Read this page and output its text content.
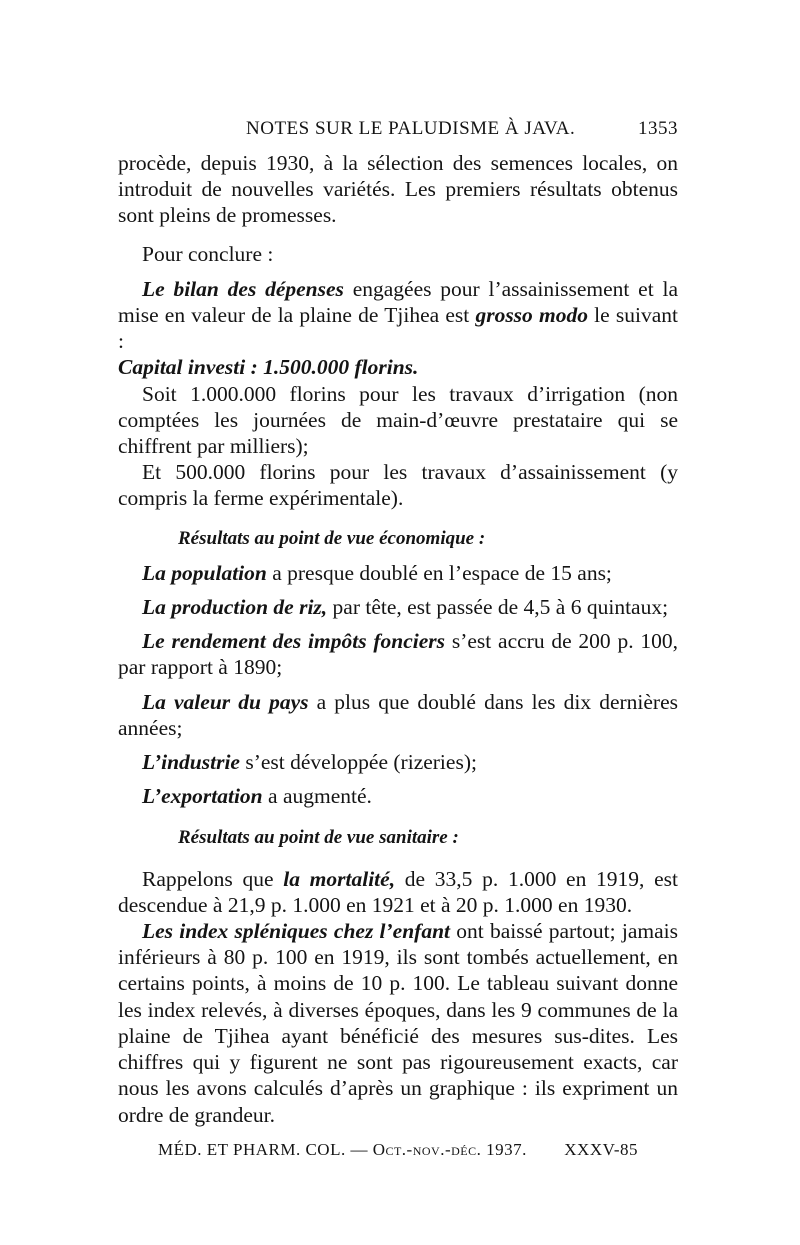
NOTES SUR LE PALUDISME À JAVA.	1353

procède, depuis 1930, à la sélection des semences locales, on introduit de nouvelles variétés. Les premiers résultats obtenus sont pleins de promesses.

Pour conclure :

Le bilan des dépenses engagées pour l’assainissement et la mise en valeur de la plaine de Tjihea est grosso modo le suivant :

Capital investi : 1.500.000 florins.

Soit 1.000.000 florins pour les travaux d’irrigation (non comptées les journées de main-d’œuvre prestataire qui se chiffrent par milliers);

Et 500.000 florins pour les travaux d’assainissement (y compris la ferme expérimentale).

Résultats au point de vue économique :

La population a presque doublé en l’espace de 15 ans;

La production de riz, par tête, est passée de 4,5 à 6 quintaux;

Le rendement des impôts fonciers s’est accru de 200 p. 100, par rapport à 1890;

La valeur du pays a plus que doublé dans les dix dernières années;

L’industrie s’est développée (rizeries);

L’exportation a augmenté.

Résultats au point de vue sanitaire :

Rappelons que la mortalité, de 33,5 p. 1.000 en 1919, est descendue à 21,9 p. 1.000 en 1921 et à 20 p. 1.000 en 1930.

Les index spléniques chez l’enfant ont baissé partout; jamais inférieurs à 80 p. 100 en 1919, ils sont tombés actuellement, en certains points, à moins de 10 p. 100. Le tableau suivant donne les index relevés, à diverses époques, dans les 9 communes de la plaine de Tjihea ayant bénéficié des mesures sus-dites. Les chiffres qui y figurent ne sont pas rigoureusement exacts, car nous les avons calculés d’après un graphique : ils expriment un ordre de grandeur.

MÉD. ET PHARM. COL. — Oct.-nov.-déc. 1937. XXXV-85
